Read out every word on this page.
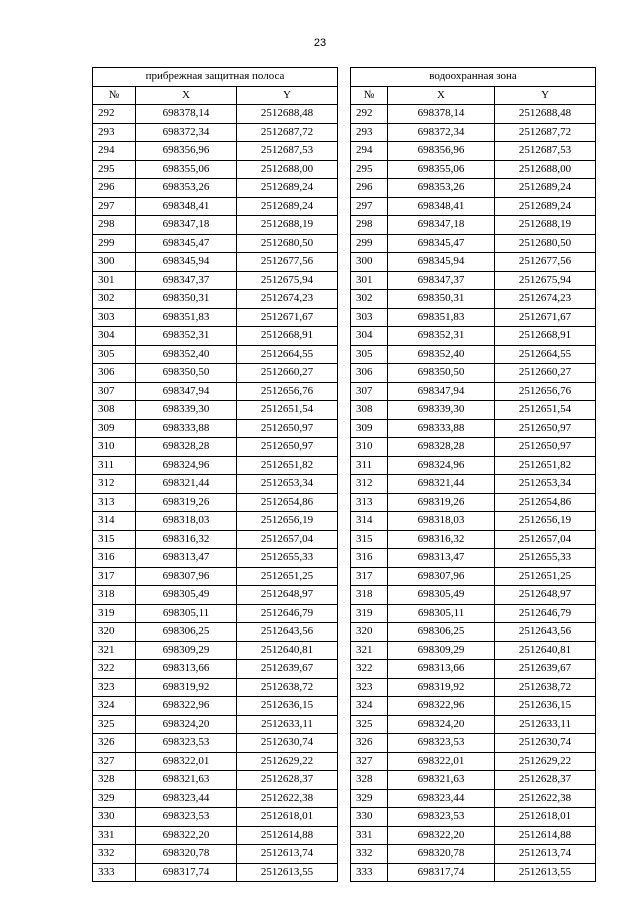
23
прибрежная защитная полоса				водоохранная зона		
№	X	Y		№	X	Y
292	698378,14	2512688,48		292	698378,14	2512688,48
293	698372,34	2512687,72		293	698372,34	2512687,72
294	698356,96	2512687,53		294	698356,96	2512687,53
295	698355,06	2512688,00		295	698355,06	2512688,00
296	698353,26	2512689,24		296	698353,26	2512689,24
297	698348,41	2512689,24		297	698348,41	2512689,24
298	698347,18	2512688,19		298	698347,18	2512688,19
299	698345,47	2512680,50		299	698345,47	2512680,50
300	698345,94	2512677,56		300	698345,94	2512677,56
301	698347,37	2512675,94		301	698347,37	2512675,94
302	698350,31	2512674,23		302	698350,31	2512674,23
303	698351,83	2512671,67		303	698351,83	2512671,67
304	698352,31	2512668,91		304	698352,31	2512668,91
305	698352,40	2512664,55		305	698352,40	2512664,55
306	698350,50	2512660,27		306	698350,50	2512660,27
307	698347,94	2512656,76		307	698347,94	2512656,76
308	698339,30	2512651,54		308	698339,30	2512651,54
309	698333,88	2512650,97		309	698333,88	2512650,97
310	698328,28	2512650,97		310	698328,28	2512650,97
311	698324,96	2512651,82		311	698324,96	2512651,82
312	698321,44	2512653,34		312	698321,44	2512653,34
313	698319,26	2512654,86		313	698319,26	2512654,86
314	698318,03	2512656,19		314	698318,03	2512656,19
315	698316,32	2512657,04		315	698316,32	2512657,04
316	698313,47	2512655,33		316	698313,47	2512655,33
317	698307,96	2512651,25		317	698307,96	2512651,25
318	698305,49	2512648,97		318	698305,49	2512648,97
319	698305,11	2512646,79		319	698305,11	2512646,79
320	698306,25	2512643,56		320	698306,25	2512643,56
321	698309,29	2512640,81		321	698309,29	2512640,81
322	698313,66	2512639,67		322	698313,66	2512639,67
323	698319,92	2512638,72		323	698319,92	2512638,72
324	698322,96	2512636,15		324	698322,96	2512636,15
325	698324,20	2512633,11		325	698324,20	2512633,11
326	698323,53	2512630,74		326	698323,53	2512630,74
327	698322,01	2512629,22		327	698322,01	2512629,22
328	698321,63	2512628,37		328	698321,63	2512628,37
329	698323,44	2512622,38		329	698323,44	2512622,38
330	698323,53	2512618,01		330	698323,53	2512618,01
331	698322,20	2512614,88		331	698322,20	2512614,88
332	698320,78	2512613,74		332	698320,78	2512613,74
333	698317,74	2512613,55		333	698317,74	2512613,55
